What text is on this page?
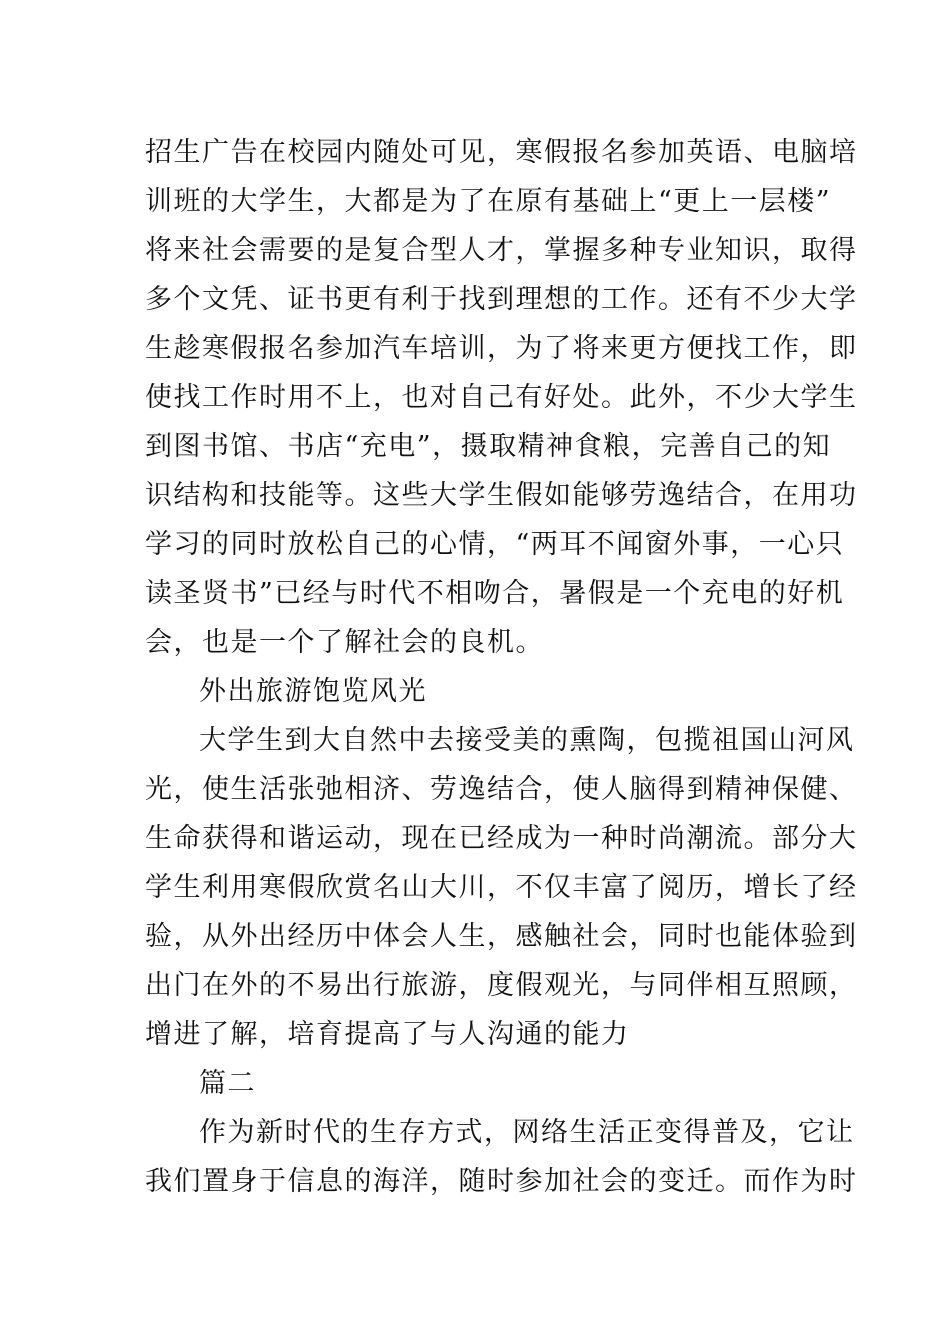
招生广告在校园内随处可见，寒假报名参加英语、电脑培
训班的大学生，大都是为了在原有基础上“更上一层楼”
将来社会需要的是复合型人才，掌握多种专业知识，取得
多个文凭、证书更有利于找到理想的工作。还有不少大学
生趁寒假报名参加汽车培训，为了将来更方便找工作，即
使找工作时用不上，也对自己有好处。此外，不少大学生
到图书馆、书店“充电”，摄取精神食粮，完善自己的知
识结构和技能等。这些大学生假如能够劳逸结合，在用功
学习的同时放松自己的心情，“两耳不闻窗外事，一心只
读圣贤书”已经与时代不相吻合，暑假是一个充电的好机
会，也是一个了解社会的良机。
外出旅游饱览风光
大学生到大自然中去接受美的熏陶，包揽祖国山河风
光，使生活张弛相济、劳逸结合，使人脑得到精神保健、
生命获得和谐运动，现在已经成为一种时尚潮流。部分大
学生利用寒假欣赏名山大川，不仅丰富了阅历，增长了经
验，从外出经历中体会人生，感触社会，同时也能体验到
出门在外的不易出行旅游，度假观光，与同伴相互照顾，
增进了解，培育提高了与人沟通的能力
篇二
作为新时代的生存方式，网络生活正变得普及，它让
我们置身于信息的海洋，随时参加社会的变迁。而作为时
